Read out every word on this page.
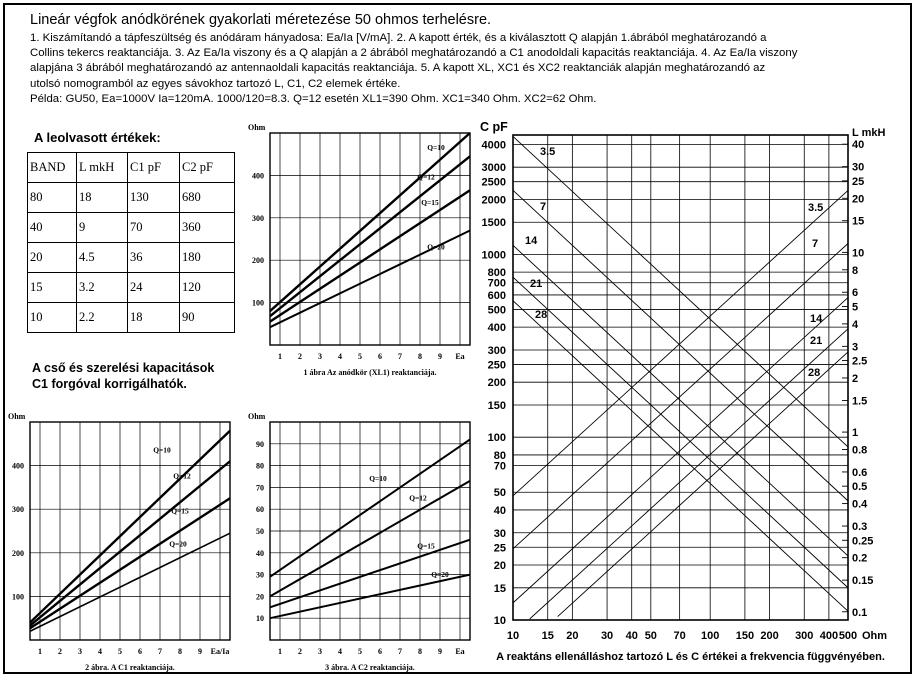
Lineár végfok anódkörének gyakorlati méretezése 50 ohmos terhelésre.
1. Kiszámítandó a tápfeszültség és anódáram hányadosa: Ea/Ia [V/mA]. 2. A kapott érték, és a kiválasztott Q alapján 1.ábrából meghatározandó a
Collins tekercs reaktanciája. 3. Az Ea/Ia viszony és a Q alapján a 2 ábrából meghatározandó a C1 anodoldali kapacitás reaktanciája. 4. Az Ea/Ia viszony
alapjána 3 ábrából meghatározandó az antennaoldali kapacitás reaktanciája. 5. A kapott XL, XC1 és XC2 reaktanciák alapján meghatározandó az
utolsó nomogramból az egyes sávokhoz tartozó L, C1, C2 elemek értéke.
Példa: GU50, Ea=1000V Ia=120mA. 1000/120=8.3. Q=12 esetén XL1=390 Ohm. XC1=340 Ohm. XC2=62 Ohm.
A leolvasott értékek:
BAND	L mkH	C1 pF	C2 pF
80	18	130	680
40	9	70	360
20	4.5	36	180
15	3.2	24	120
10	2.2	18	90
A cső és szerelési kapacitások
C1 forgóval korrigálhatók.
1 2 3 4 5 6 7 8 9 Ea
100
200
300
400
Ohm
Q=10
Q=12
Q=15
Q=20
1 ábra Az anódkör (XL1) reaktanciája.
1 2 3 4 5 6 7 8 9 Ea/Ia
100
200
300
400
Ohm
Q=10
Q=12
Q=15
Q=20
2 ábra. A C1 reaktanciája.
1 2 3 4 5 6 7 8 9 Ea
10
20
30
40
50
60
70
80
90
Ohm
Q=10
Q=12
Q=15
Q=20
3 ábra. A C2 reaktanciája.
10 15 20 30 40 50 70 100 150 200 300 400 500 Ohm
10
15
20
25
30
40
50
70
80
100
150
200
250
300
400
500
600
700
800
1000
1500
2000
2500
3000
4000
0.1
0.15
0.2
0.25
0.3
0.4
0.5
0.6
0.8
1
1.5
2
2.5
3
4
5
6
8
10
15
20
25
30
40
C pF	L mkH
A reaktáns ellenálláshoz tartozó L és C értékei a frekvencia függvényében.
3.5
3.5
7
7
14
14
21
21
28
28
